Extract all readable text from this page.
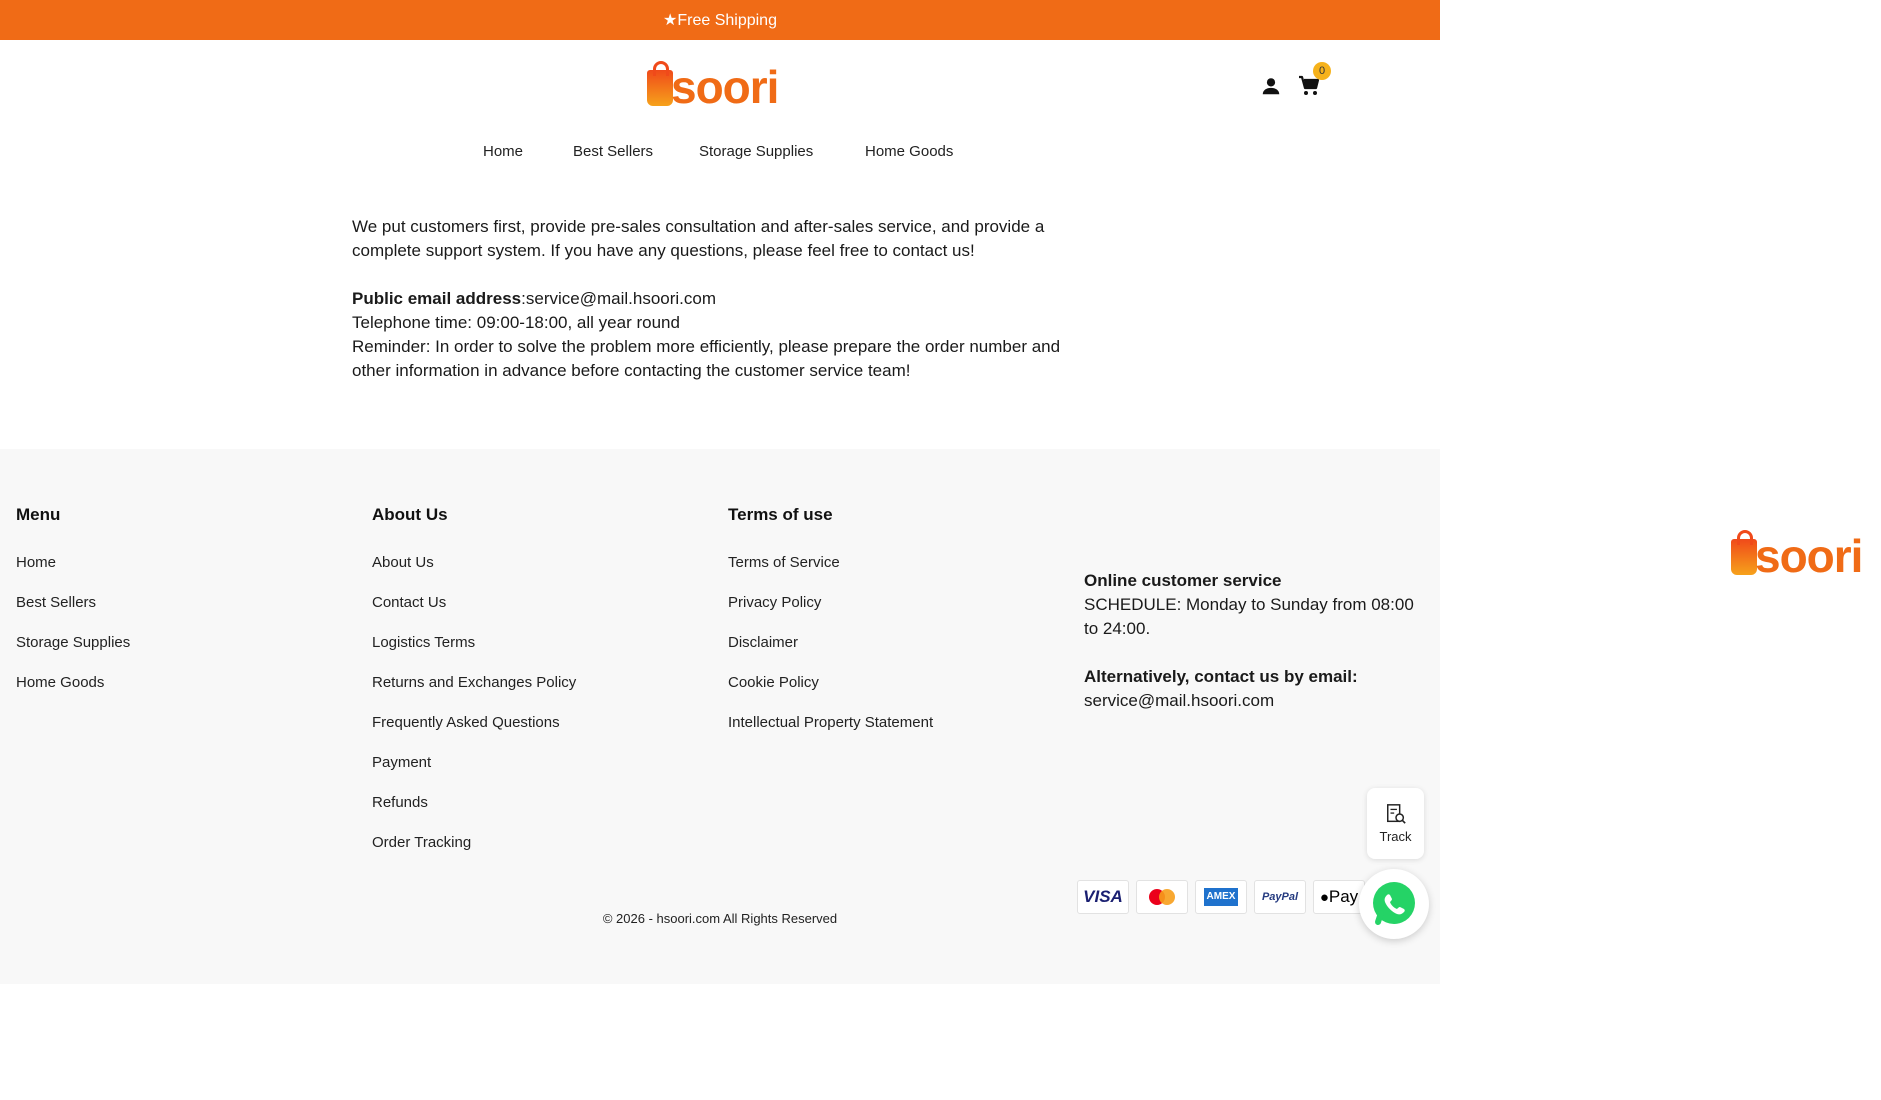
★Free Shipping
soori	0
Home	Best Sellers	Storage Supplies	Home Goods

We put customers first, provide pre-sales consultation and after-sales service, and provide a complete support system. If you have any questions, please feel free to contact us!

Public email address:service@mail.hsoori.com

Telephone time: 09:00-18:00, all year round

Reminder: In order to solve the problem more efficiently, please prepare the order number and other information in advance before contacting the customer service team!

Menu
Home
Best Sellers
Storage Supplies
Home Goods
About Us
About Us
Contact Us
Logistics Terms
Returns and Exchanges Policy
Frequently Asked Questions
Payment
Refunds
Order Tracking
Terms of use
Terms of Service
Privacy Policy
Disclaimer
Cookie Policy
Intellectual Property Statement
soori
Online customer service
SCHEDULE: Monday to Sunday from 08:00 to 24:00.
Alternatively, contact us by email:
service@mail.hsoori.com
VISA	AMEX	PayPal	● Pay
© 2026 - hsoori.com All Rights Reserved
Track
